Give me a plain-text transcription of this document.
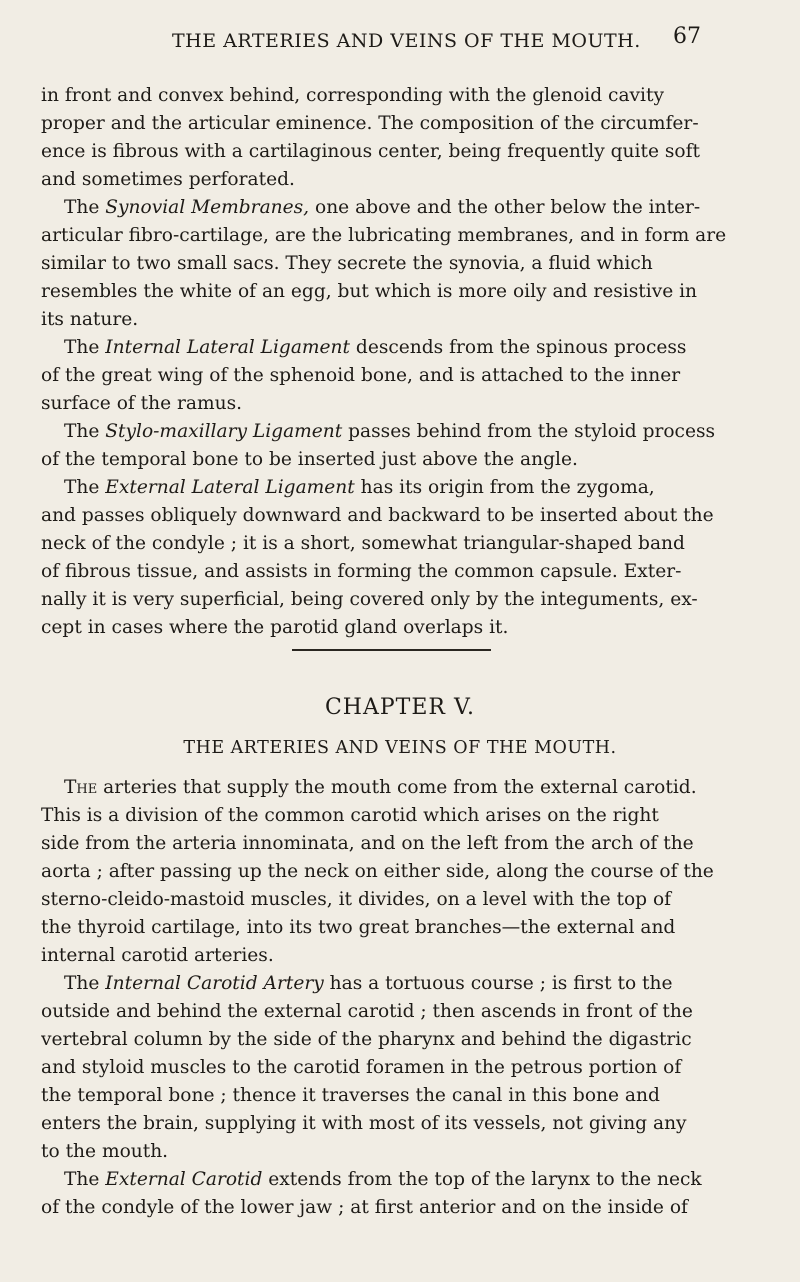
THE ARTERIES AND VEINS OF THE MOUTH. 67
in front and convex behind, corresponding with the glenoid cavity
proper and the articular eminence. The composition of the circumfer-
ence is fibrous with a cartilaginous center, being frequently quite soft
and sometimes perforated.
The Synovial Membranes, one above and the other below the inter-
articular fibro-cartilage, are the lubricating membranes, and in form are
similar to two small sacs. They secrete the synovia, a fluid which
resembles the white of an egg, but which is more oily and resistive in
its nature.
The Internal Lateral Ligament descends from the spinous process
of the great wing of the sphenoid bone, and is attached to the inner
surface of the ramus.
The Stylo-maxillary Ligament passes behind from the styloid process
of the temporal bone to be inserted just above the angle.
The External Lateral Ligament has its origin from the zygoma,
and passes obliquely downward and backward to be inserted about the
neck of the condyle ; it is a short, somewhat triangular-shaped band
of fibrous tissue, and assists in forming the common capsule. Exter-
nally it is very superficial, being covered only by the integuments, ex-
cept in cases where the parotid gland overlaps it.
CHAPTER V.
THE ARTERIES AND VEINS OF THE MOUTH.
The arteries that supply the mouth come from the external carotid.
This is a division of the common carotid which arises on the right
side from the arteria innominata, and on the left from the arch of the
aorta ; after passing up the neck on either side, along the course of the
sterno-cleido-mastoid muscles, it divides, on a level with the top of
the thyroid cartilage, into its two great branches—the external and
internal carotid arteries.
The Internal Carotid Artery has a tortuous course ; is first to the
outside and behind the external carotid ; then ascends in front of the
vertebral column by the side of the pharynx and behind the digastric
and styloid muscles to the carotid foramen in the petrous portion of
the temporal bone ; thence it traverses the canal in this bone and
enters the brain, supplying it with most of its vessels, not giving any
to the mouth.
The External Carotid extends from the top of the larynx to the neck
of the condyle of the lower jaw ; at first anterior and on the inside of
